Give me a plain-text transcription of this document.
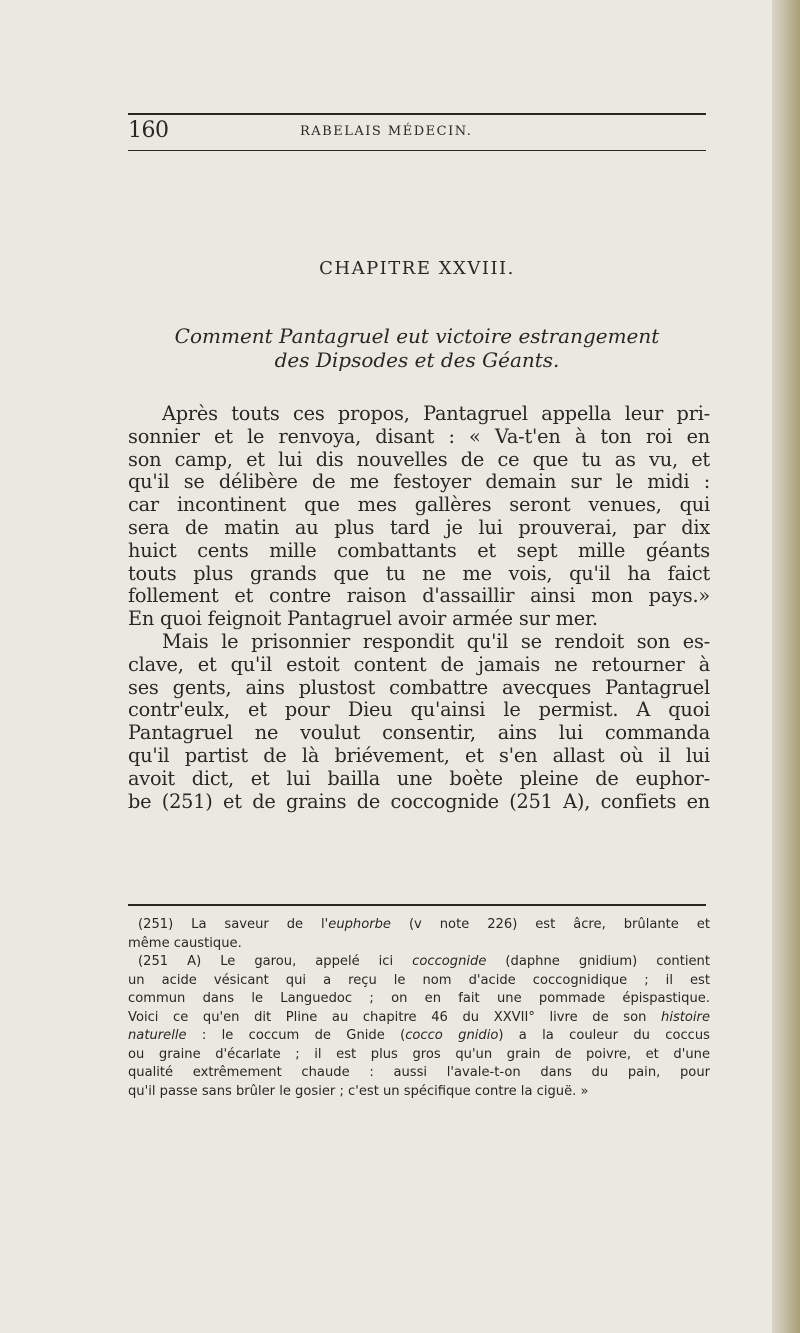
160	RABELAIS MÉDECIN.
CHAPITRE XXVIII.
Comment Pantagruel eut victoire estrangement
des Dipsodes et des Géants.
Après touts ces propos, Pantagruel appella leur pri-
sonnier et le renvoya, disant : « Va-t'en à ton roi en
son camp, et lui dis nouvelles de ce que tu as vu, et
qu'il se délibère de me festoyer demain sur le midi :
car incontinent que mes gallères seront venues, qui
sera de matin au plus tard je lui prouverai, par dix
huict cents mille combattants et sept mille géants
touts plus grands que tu ne me vois, qu'il ha faict
follement et contre raison d'assaillir ainsi mon pays.»
En quoi feignoit Pantagruel avoir armée sur mer.
Mais le prisonnier respondit qu'il se rendoit son es-
clave, et qu'il estoit content de jamais ne retourner à
ses gents, ains plustost combattre avecques Pantagruel
contr'eulx, et pour Dieu qu'ainsi le permist. A quoi
Pantagruel ne voulut consentir, ains lui commanda
qu'il partist de là briévement, et s'en allast où il lui
avoit dict, et lui bailla une boète pleine de euphor-
be (251) et de grains de coccognide (251 A), confiets en
(251) La saveur de l'euphorbe (v note 226) est âcre, brûlante et
même caustique.
(251 A) Le garou, appelé ici coccognide (daphne gnidium) contient
un acide vésicant qui a reçu le nom d'acide coccognidique ; il est
commun dans le Languedoc ; on en fait une pommade épispastique.
Voici ce qu'en dit Pline au chapitre 46 du XXVII° livre de son histoire
naturelle : le coccum de Gnide (cocco gnidio) a la couleur du coccus
ou graine d'écarlate ; il est plus gros qu'un grain de poivre, et d'une
qualité extrêmement chaude : aussi l'avale-t-on dans du pain, pour
qu'il passe sans brûler le gosier ; c'est un spécifique contre la ciguë. »
